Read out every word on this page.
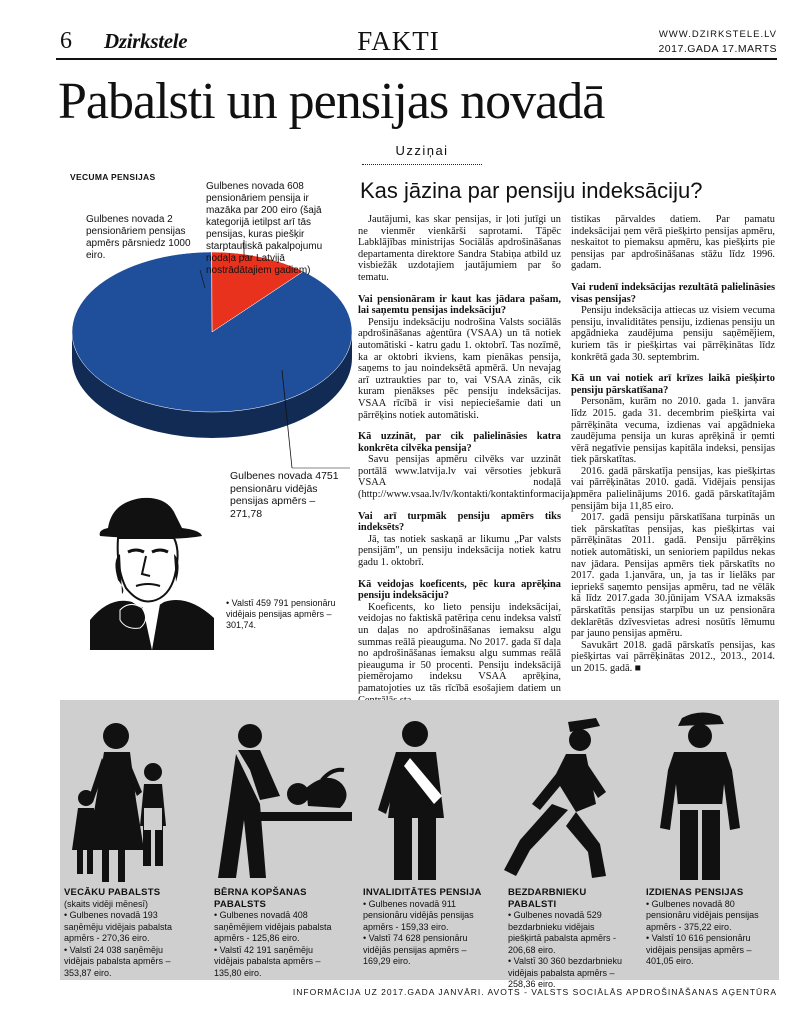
6 Dzirkstele	FAKTI	WWW.DZIRKSTELE.LV
2017.GADA 17.MARTS
Pabalsti un pensijas novadā
VECUMA PENSIJAS
Gulbenes novada 608 pensionāriem pensija ir mazāka par 200 eiro (šajā kategorijā ietilpst arī tās pensijas, kuras piešķir starptautiskā pakalpojumu nodaļa par Latvijā nostrādātajiem gadiem)
Gulbenes novada 2 pensionāriem pensijas apmērs pārsniedz 1000 eiro.
Gulbenes novada 4751 pensionāru vidējās pensijas apmērs – 271,78
• Valstī 459 791 pensionāru vidējais pensijas apmērs – 301,74.
Uzziņai
Kas jāzina par pensiju indeksāciju?

Jautājumi, kas skar pensijas, ir ļoti jutīgi un ne vienmēr vienkārši saprotami. Tāpēc Labklājības ministrijas Sociālās apdrošināšanas departamenta direktore Sandra Stabiņa atbild uz visbiežāk uzdotajiem jautājumiem par šo tematu.

Vai pensionāram ir kaut kas jādara pašam, lai saņemtu pensijas indeksāciju?

Pensiju indeksāciju nodrošina Valsts sociālās apdrošināšanas aģentūra (VSAA) un tā notiek automātiski - katru gadu 1. oktobrī. Tas nozīmē, ka ar oktobri ikviens, kam pienākas pensija, saņems to jau noindeksētā apmērā. Un nevajag arī uztraukties par to, vai VSAA zinās, cik kuram pienākses pēc pensiju indeksācijas. VSAA rīcībā ir visi nepieciešamie dati un pārrēķins notiek automātiski.

Kā uzzināt, par cik palielināsies katra konkrēta cilvēka pensija?

Savu pensijas apmēru cilvēks var uzzināt portālā www.latvija.lv vai vērsoties jebkurā VSAA nodaļā (http://www.vsaa.lv/lv/kontakti/kontaktinformacija).

Vai arī turpmāk pensiju apmērs tiks indeksēts?

Jā, tas notiek saskaņā ar likumu „Par valsts pensijām", un pensiju indeksācija notiek katru gadu 1. oktobrī.

Kā veidojas koeficents, pēc kura aprēķina pensiju indeksāciju?

Koeficents, ko lieto pensiju indeksācijai, veidojas no faktiskā patēriņa cenu indeksa valstī un daļas no apdrošināšanas iemaksu algu summas reālā pieauguma. No 2017. gada šī daļa no apdrošināšanas iemaksu algu summas reālā pieauguma ir 50 procenti. Pensiju indeksācijā piemērojamo indeksu VSAA aprēķina, pamatojoties uz tās rīcībā esošajiem datiem un

tistikas pārvaldes datiem. Par pamatu indeksācijai ņem vērā piešķirto pensijas apmēru, neskaitot to piemaksu apmēru, kas piešķirts pie pensijas par apdrošināšanas stāžu līdz 1996. gadam.

Vai rudenī indeksācijas rezultātā palielināsies visas pensijas?

Pensiju indeksācija attiecas uz visiem vecuma pensiju, invaliditātes pensiju, izdienas pensiju un apgādnieka zaudējuma pensiju saņēmējiem, kuriem tās ir piešķirtas vai pārrēķinātas līdz konkrētā gada 30. septembrim.

Kā un vai notiek arī krīzes laikā piešķirto pensiju pārskatīšana?

Personām, kurām no 2010. gada 1. janvāra līdz 2015. gada 31. decembrim piešķirta vai pārrēķināta vecuma, izdienas vai apgādnieka zaudējuma pensija un kuras aprēķinā ir ņemti vērā negatīvie pensijas kapitāla indeksi, pensijas tiek pārskatītas.

2016. gadā pārskatīja pensijas, kas piešķirtas vai pārrēķinātas 2010. gadā. Vidējais pensijas apmēra palielinājums 2016. gadā pārskatītajām pensijām bija 11,85 eiro.

2017. gadā pensiju pārskatīšana turpinās un tiek pārskatītas pensijas, kas piešķirtas vai pārrēķinātas 2011. gadā. Pensiju pārrēķins notiek automātiski, un senioriem papildus nekas nav jādara. Pensijas apmērs tiek pārskatīts no 2017. gada 1.janvāra, un, ja tas ir lielāks par iepriekš saņemto pensijas apmēru, tad ne vēlāk kā līdz 2017.gada 30.jūnijam VSAA izmaksās pārskatītās pensijas starpību un uz pensionāra deklarētās dzīvesvietas adresi nosūtīs lēmumu par jauno pensijas apmēru.

Savukārt 2018. gadā pārskatīs pensijas, kas piešķirtas vai pārrēķinātas 2012., 2013., 2014. un 2015. gadā. ■

VECĀKU PABALSTS (skaits vidēji mēnesī)
• Gulbenes novadā 193 saņēmēju vidējais pabalsta apmērs - 270,36 eiro.
• Valstī 24 038 saņēmēju vidējais pabalsta apmērs – 353,87 eiro.
BĒRNA KOPŠANAS PABALSTS
• Gulbenes novadā 408 saņēmējiem vidējais pabalsta apmērs - 125,86 eiro.
• Valstī 42 191 saņēmēju vidējais pabalsta apmērs – 135,80 eiro.
INVALIDITĀTES PENSIJA
• Gulbenes novadā 911 pensionāru vidējās pensijas apmērs - 159,33 eiro.
• Valstī 74 628 pensionāru vidējās pensijas apmērs – 169,29 eiro.
BEZDARBNIEKU PABALSTI
• Gulbenes novadā 529 bezdarbnieku vidējais piešķirtā pabalsta apmērs - 206,68 eiro.
• Valstī 30 360 bezdarbnieku vidējais pabalsta apmērs – 258,36 eiro.
IZDIENAS PENSIJAS
• Gulbenes novadā 80 pensionāru vidējais pensijas apmērs - 375,22 eiro.
• Valstī 10 616 pensionāru vidējais pensijas apmērs – 401,05 eiro.
INFORMĀCIJA UZ 2017.GADA JANVĀRI. AVOTS - VALSTS SOCIĀLĀS APDROŠINĀŠANAS AĢENTŪRA
